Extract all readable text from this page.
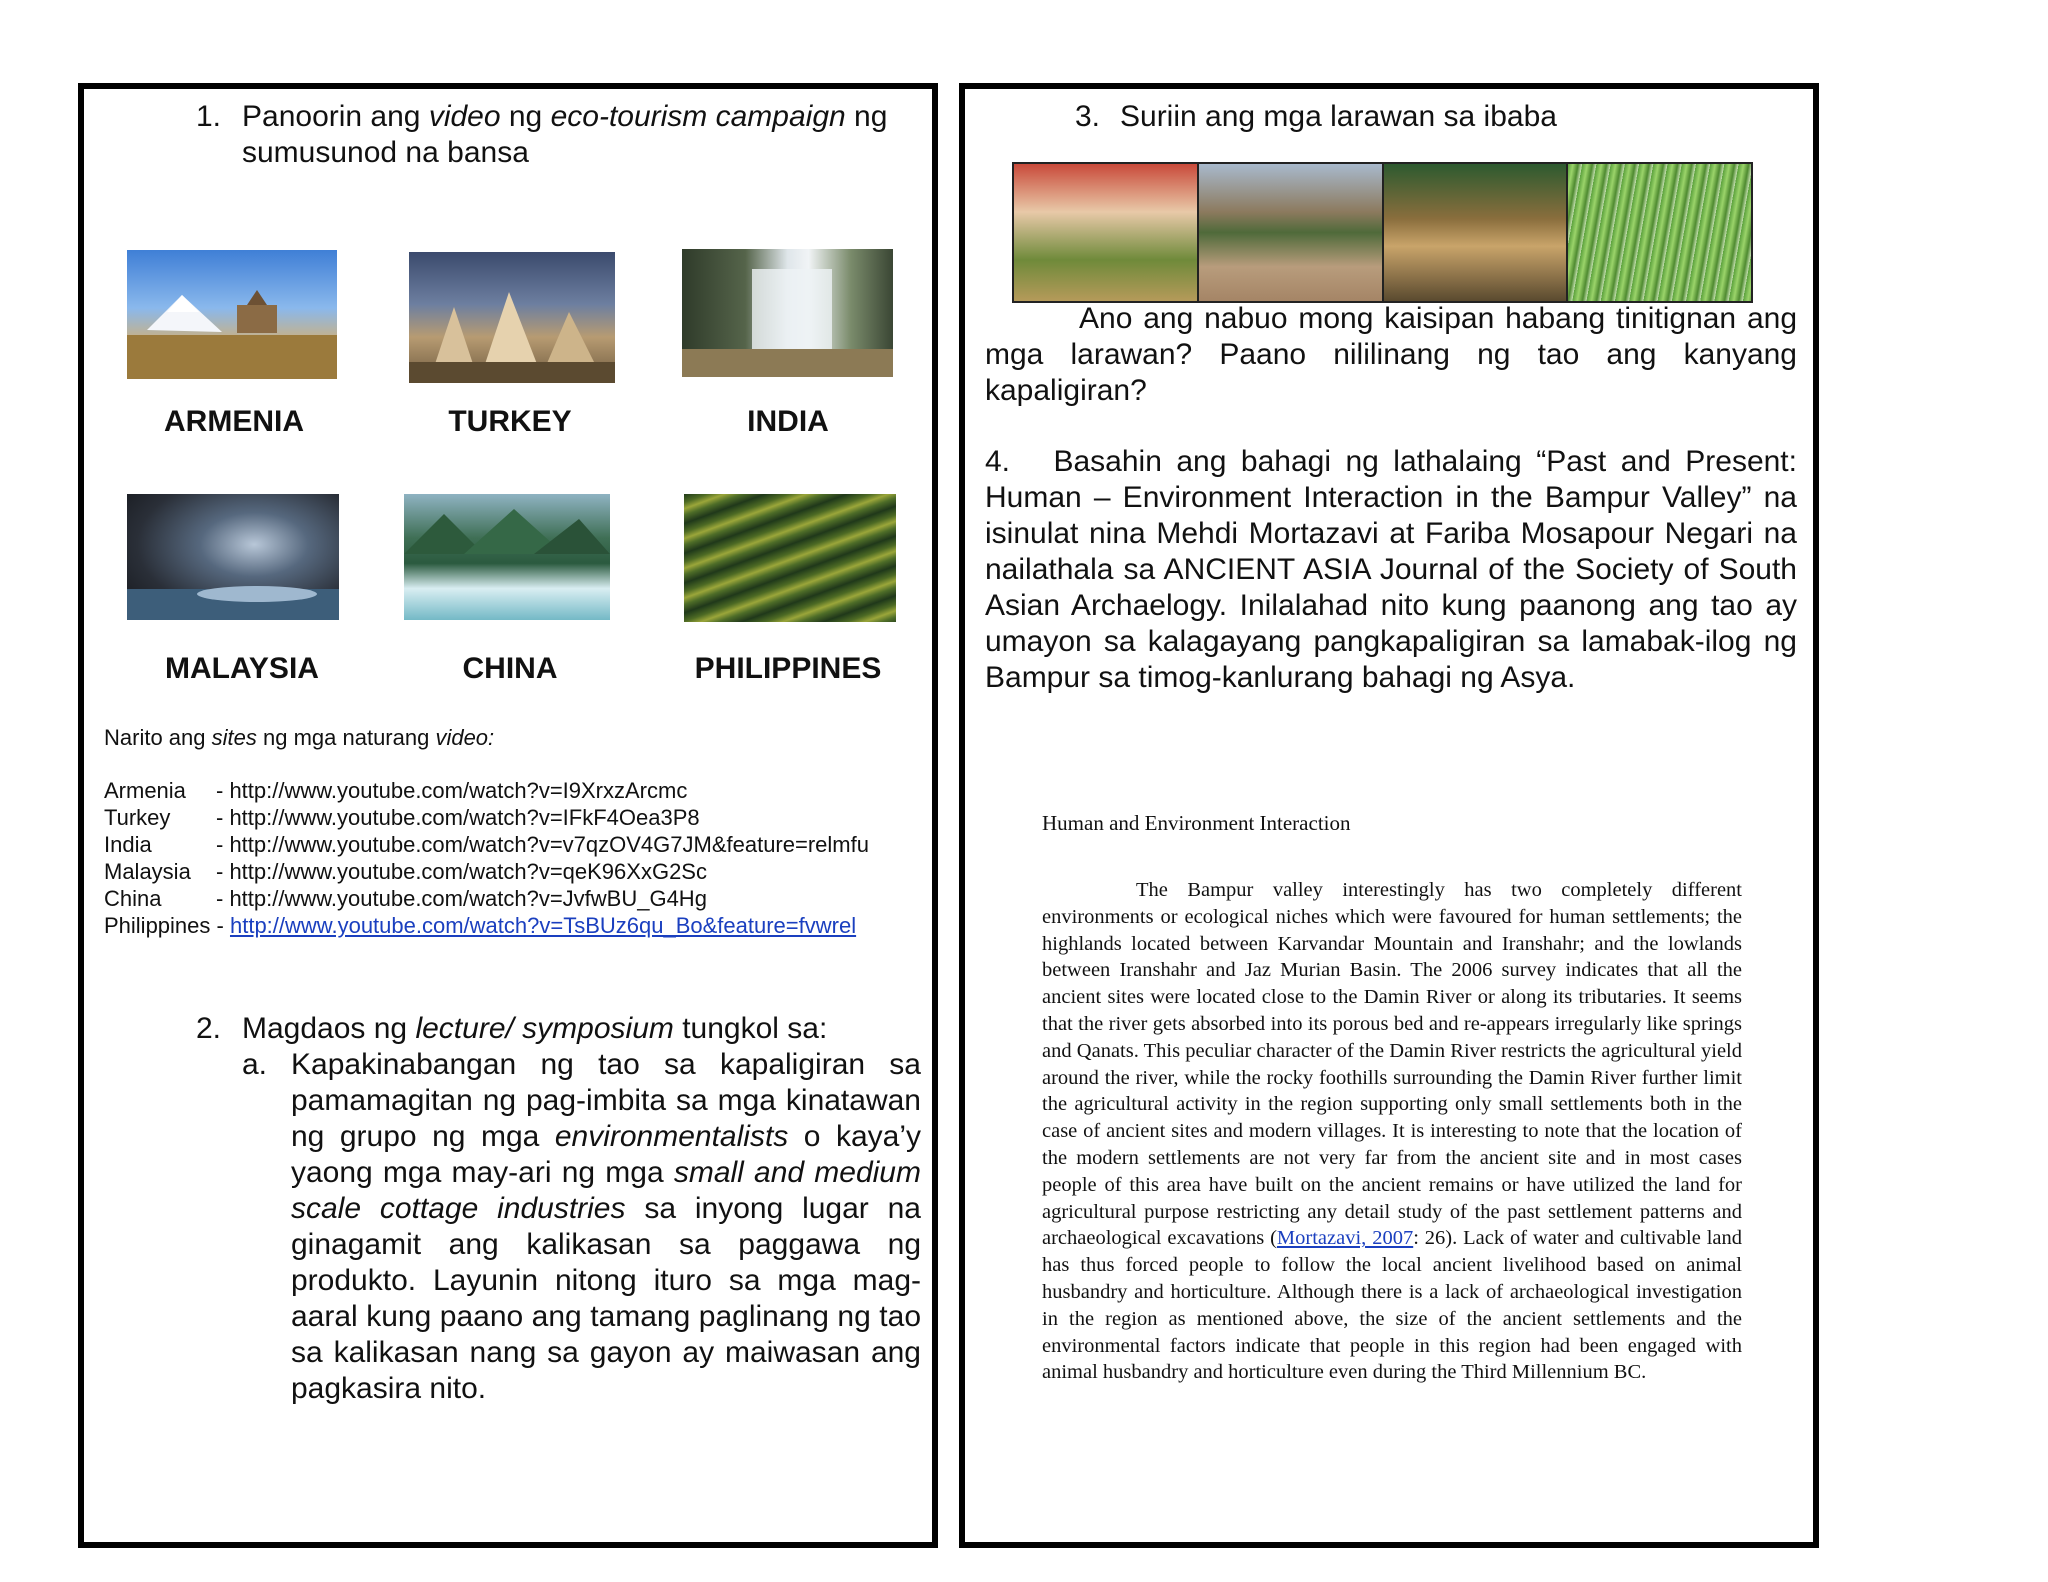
1. Panoorin ang video ng eco-tourism campaign ng
sumusunod na bansa
ARMENIA	TURKEY	INDIA
MALAYSIA	CHINA	PHILIPPINES
Narito ang sites ng mga naturang video:
Armenia	- http://www.youtube.com/watch?v=I9XrxzArcmc
Turkey	- http://www.youtube.com/watch?v=IFkF4Oea3P8
India	- http://www.youtube.com/watch?v=v7qzOV4G7JM&feature=relmfu
Malaysia	- http://www.youtube.com/watch?v=qeK96XxG2Sc
China	- http://www.youtube.com/watch?v=JvfwBU_G4Hg
Philippines - http://www.youtube.com/watch?v=TsBUz6qu_Bo&feature=fvwrel
2. Magdaos ng lecture/ symposium tungkol sa:
a. Kapakinabangan ng tao sa kapaligiran sa pamamagitan ng pag-imbita sa mga kinatawan ng grupo ng mga environmentalists o kaya’y yaong mga may-ari ng mga small and medium scale cottage industries sa inyong lugar na ginagamit ang kalikasan sa paggawa ng produkto. Layunin nitong ituro sa mga mag-aaral kung paano ang tamang paglinang ng tao sa kalikasan nang sa gayon ay maiwasan ang pagkasira nito.
3. Suriin ang mga larawan sa ibaba
Ano ang nabuo mong kaisipan habang tinitignan ang mga larawan? Paano nililinang ng tao ang kanyang kapaligiran?
4. Basahin ang bahagi ng lathalaing “Past and Present: Human – Environment Interaction in the Bampur Valley” na isinulat nina Mehdi Mortazavi at Fariba Mosapour Negari na nailathala sa ANCIENT ASIA Journal of the Society of South Asian Archaelogy. Inilalahad nito kung paanong ang tao ay umayon sa kalagayang pangkapaligiran sa lamabak-ilog ng Bampur sa timog-kanlurang bahagi ng Asya.
Human and Environment Interaction
The Bampur valley interestingly has two completely different environments or ecological niches which were favoured for human settlements; the highlands located between Karvandar Mountain and Iranshahr; and the lowlands between Iranshahr and Jaz Murian Basin. The 2006 survey indicates that all the ancient sites were located close to the Damin River or along its tributaries. It seems that the river gets absorbed into its porous bed and re-appears irregularly like springs and Qanats. This peculiar character of the Damin River restricts the agricultural yield around the river, while the rocky foothills surrounding the Damin River further limit the agricultural activity in the region supporting only small settlements both in the case of ancient sites and modern villages. It is interesting to note that the location of the modern settlements are not very far from the ancient site and in most cases people of this area have built on the ancient remains or have utilized the land for agricultural purpose restricting any detail study of the past settlement patterns and archaeological excavations (Mortazavi, 2007: 26). Lack of water and cultivable land has thus forced people to follow the local ancient livelihood based on animal husbandry and horticulture. Although there is a lack of archaeological investigation in the region as mentioned above, the size of the ancient settlements and the environmental factors indicate that people in this region had been engaged with animal husbandry and horticulture even during the Third Millennium BC.
